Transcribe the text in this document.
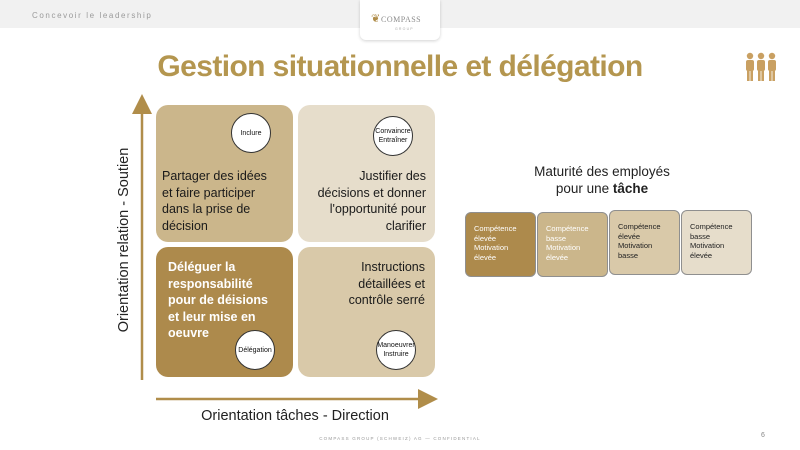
Concevoir le leadership	❦ COMPASS
GROUP
Gestion situationnelle et délégation
Orientation relation - Soutien
Orientation tâches - Direction
Inclure
Partager des idées
et faire participer
dans la prise de
décision
Convaincre
Entraîner
Justifier des
décisions et donner
l'opportunité pour
clarifier
Déléguer la
responsabilité
pour de déisions
et leur mise en
oeuvre
Délégation
Instructions
détaillées et
contrôle serré
Manoeuvrer
Instruire
Maturité des employés
pour une tâche
Compétence
élevée
Motivation
élevée
Compétence
basse
Motivation
élevée
Compétence
élevée
Motivation
basse
Compétence
basse
Motivation
élevée
COMPASS GROUP (SCHWEIZ) AG — CONFIDENTIAL	6
